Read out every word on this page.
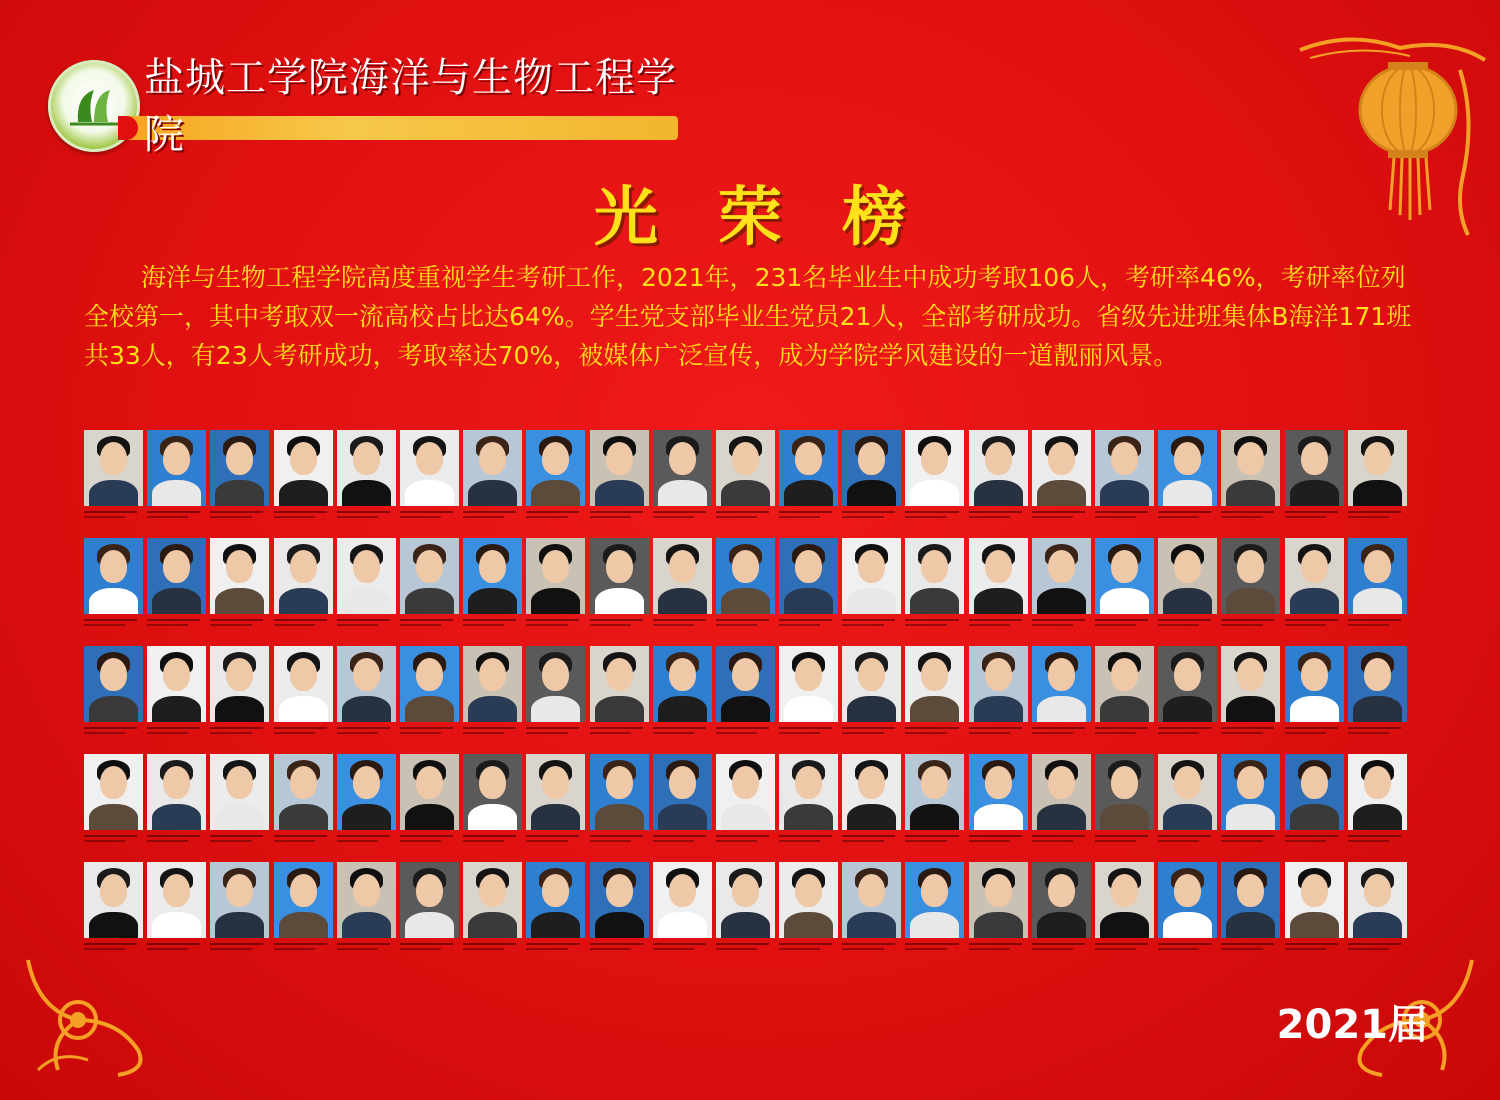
盐城工学院海洋与生物工程学院
光荣榜
海洋与生物工程学院高度重视学生考研工作，2021年，231名毕业生中成功考取106人，考研率46%，考研率位列全校第一，其中考取双一流高校占比达64%。学生党支部毕业生党员21人，全部考研成功。省级先进班集体B海洋171班共33人，有23人考研成功，考取率达70%，被媒体广泛宣传，成为学院学风建设的一道靓丽风景。
2021届
